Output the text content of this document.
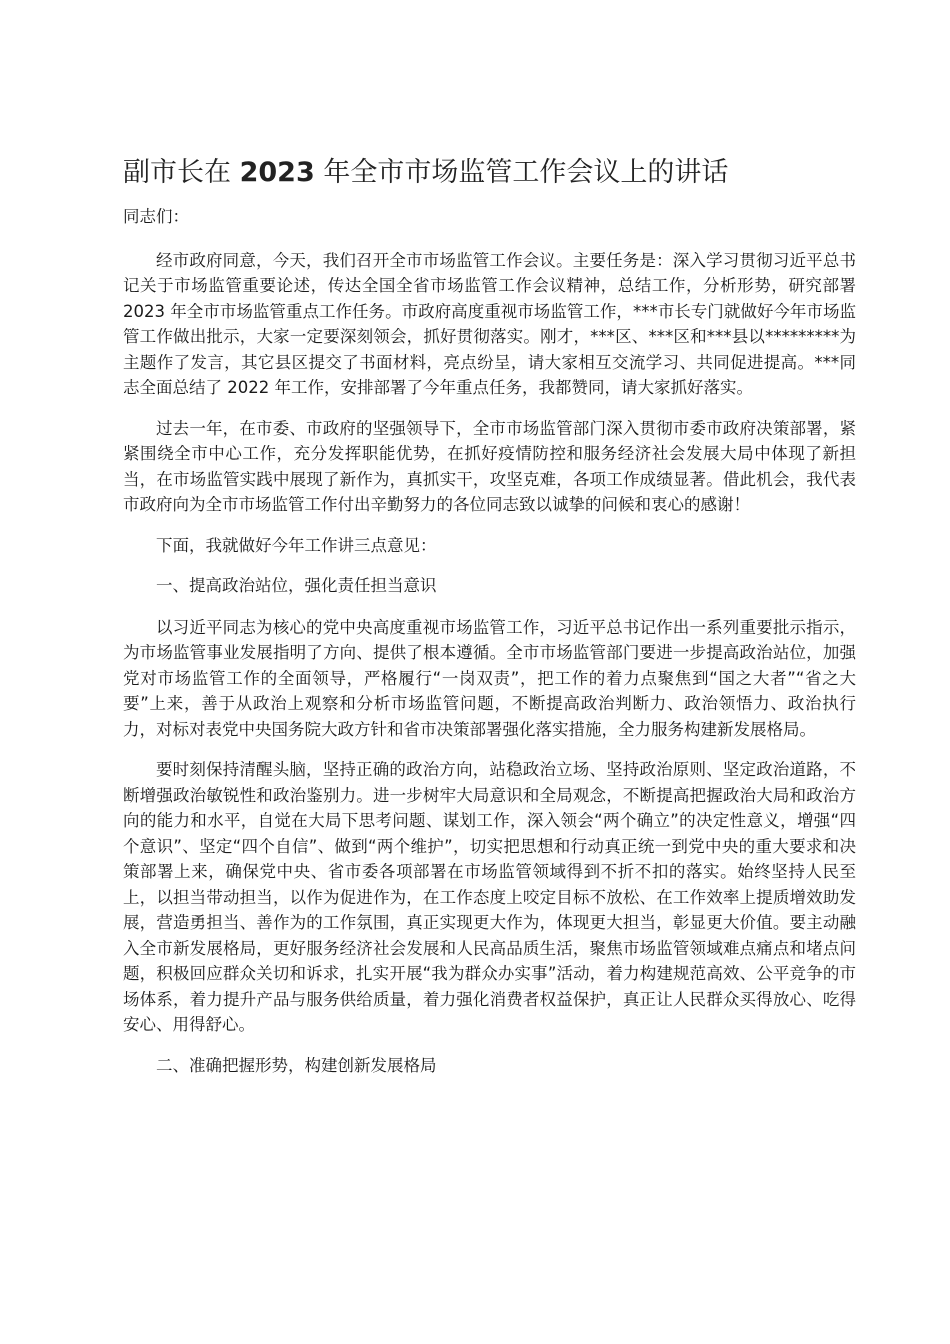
副市长在 2023 年全市市场监管工作会议上的讲话

同志们：

经市政府同意，今天，我们召开全市市场监管工作会议。主要任务是：深入学习贯彻习近平总书记关于市场监管重要论述，传达全国全省市场监管工作会议精神，总结工作，分析形势，研究部署 2023 年全市市场监管重点工作任务。市政府高度重视市场监管工作，***市长专门就做好今年市场监管工作做出批示，大家一定要深刻领会，抓好贯彻落实。刚才，***区、***区和***县以*********为主题作了发言，其它县区提交了书面材料，亮点纷呈，请大家相互交流学习、共同促进提高。***同志全面总结了 2022 年工作，安排部署了今年重点任务，我都赞同，请大家抓好落实。

过去一年，在市委、市政府的坚强领导下，全市市场监管部门深入贯彻市委市政府决策部署，紧紧围绕全市中心工作，充分发挥职能优势，在抓好疫情防控和服务经济社会发展大局中体现了新担当，在市场监管实践中展现了新作为，真抓实干，攻坚克难，各项工作成绩显著。借此机会，我代表市政府向为全市市场监管工作付出辛勤努力的各位同志致以诚挚的问候和衷心的感谢！

下面，我就做好今年工作讲三点意见：

一、提高政治站位，强化责任担当意识

以习近平同志为核心的党中央高度重视市场监管工作，习近平总书记作出一系列重要批示指示，为市场监管事业发展指明了方向、提供了根本遵循。全市市场监管部门要进一步提高政治站位，加强党对市场监管工作的全面领导，严格履行“一岗双责”，把工作的着力点聚焦到“国之大者”“省之大要”上来，善于从政治上观察和分析市场监管问题，不断提高政治判断力、政治领悟力、政治执行力，对标对表党中央国务院大政方针和省市决策部署强化落实措施，全力服务构建新发展格局。

要时刻保持清醒头脑，坚持正确的政治方向，站稳政治立场、坚持政治原则、坚定政治道路，不断增强政治敏锐性和政治鉴别力。进一步树牢大局意识和全局观念，不断提高把握政治大局和政治方向的能力和水平，自觉在大局下思考问题、谋划工作，深入领会“两个确立”的决定性意义，增强“四个意识”、坚定“四个自信”、做到“两个维护”，切实把思想和行动真正统一到党中央的重大要求和决策部署上来，确保党中央、省市委各项部署在市场监管领域得到不折不扣的落实。始终坚持人民至上，以担当带动担当，以作为促进作为，在工作态度上咬定目标不放松、在工作效率上提质增效助发展，营造勇担当、善作为的工作氛围，真正实现更大作为，体现更大担当，彰显更大价值。要主动融入全市新发展格局，更好服务经济社会发展和人民高品质生活，聚焦市场监管领域难点痛点和堵点问题，积极回应群众关切和诉求，扎实开展“我为群众办实事”活动，着力构建规范高效、公平竞争的市场体系，着力提升产品与服务供给质量，着力强化消费者权益保护，真正让人民群众买得放心、吃得安心、用得舒心。

二、准确把握形势，构建创新发展格局
